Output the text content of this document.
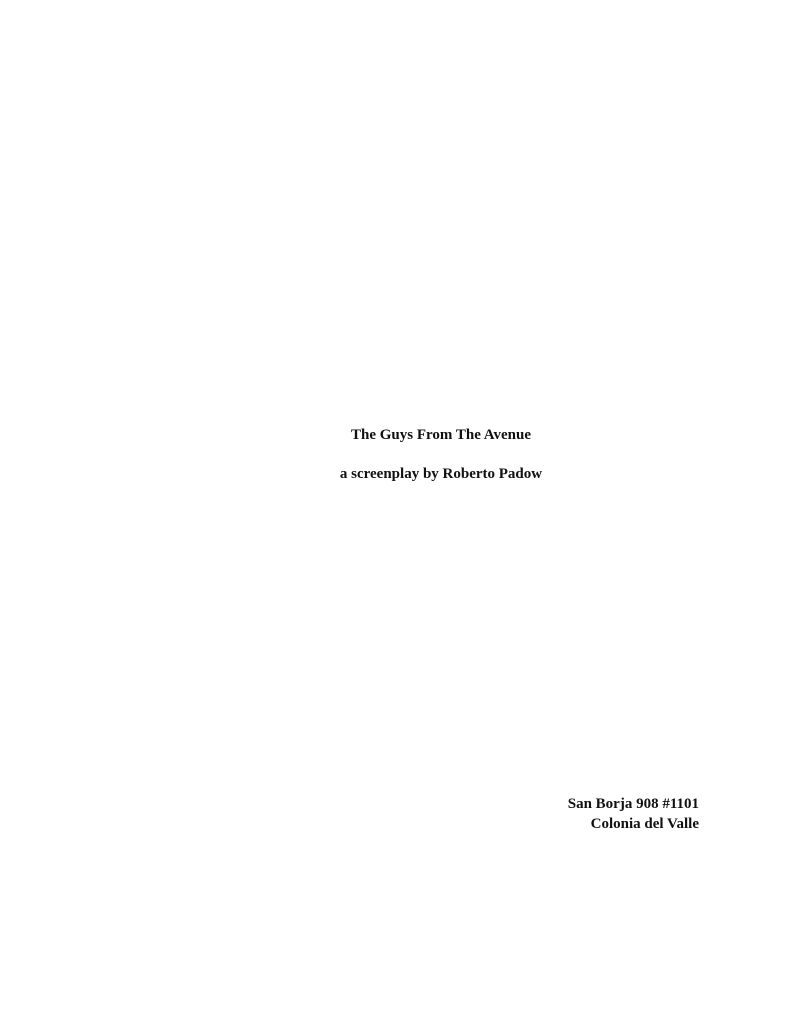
The Guys From The Avenue

a screenplay by Roberto Padow

San Borja 908 #1101

Colonia del Valle
